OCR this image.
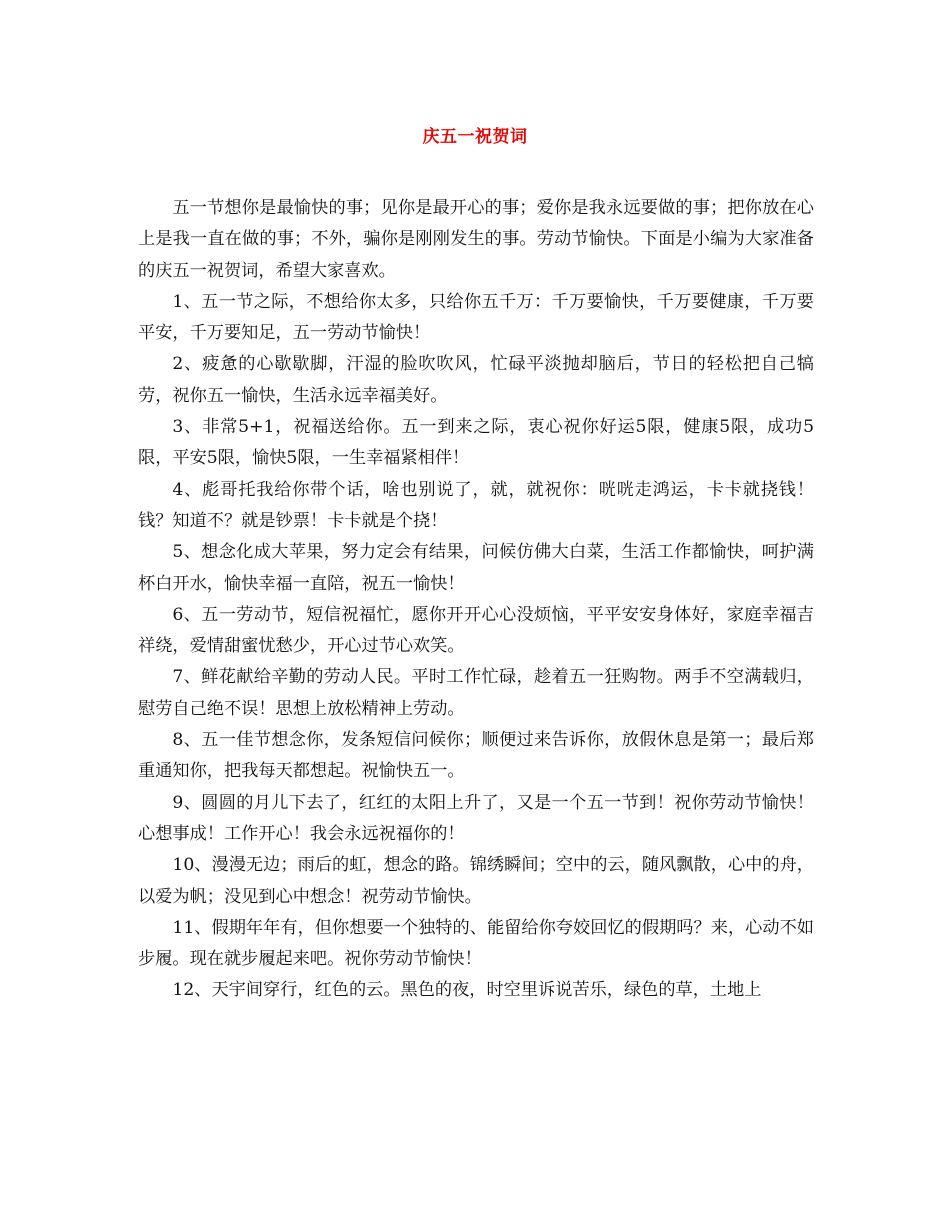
庆五一祝贺词

五一节想你是最愉快的事；见你是最开心的事；爱你是我永远要做的事；把你放在心上是我一直在做的事；不外，骗你是刚刚发生的事。劳动节愉快。下面是小编为大家准备的庆五一祝贺词，希望大家喜欢。

1、五一节之际，不想给你太多，只给你五千万：千万要愉快，千万要健康，千万要平安，千万要知足，五一劳动节愉快！

2、疲惫的心歇歇脚，汗湿的脸吹吹风，忙碌平淡抛却脑后，节日的轻松把自己犒劳，祝你五一愉快，生活永远幸福美好。

3、非常5+1，祝福送给你。五一到来之际，衷心祝你好运5限，健康5限，成功5限，平安5限，愉快5限，一生幸福紧相伴！

4、彪哥托我给你带个话，啥也别说了，就，就祝你：咣咣走鸿运，卡卡就挠钱！钱？知道不？就是钞票！卡卡就是个挠！

5、想念化成大苹果，努力定会有结果，问候仿佛大白菜，生活工作都愉快，呵护满杯白开水，愉快幸福一直陪，祝五一愉快！

6、五一劳动节，短信祝福忙，愿你开开心心没烦恼，平平安安身体好，家庭幸福吉祥绕，爱情甜蜜忧愁少，开心过节心欢笑。

7、鲜花献给辛勤的劳动人民。平时工作忙碌，趁着五一狂购物。两手不空满载归，慰劳自己绝不误！思想上放松精神上劳动。

8、五一佳节想念你，发条短信问候你；顺便过来告诉你，放假休息是第一；最后郑重通知你，把我每天都想起。祝愉快五一。

9、圆圆的月儿下去了，红红的太阳上升了，又是一个五一节到！祝你劳动节愉快！心想事成！工作开心！我会永远祝福你的！

10、漫漫无边；雨后的虹，想念的路。锦绣瞬间；空中的云，随风飘散，心中的舟，以爱为帆；没见到心中想念！祝劳动节愉快。

11、假期年年有，但你想要一个独特的、能留给你夸姣回忆的假期吗？来，心动不如步履。现在就步履起来吧。祝你劳动节愉快！

12、天宇间穿行，红色的云。黑色的夜，时空里诉说苦乐，绿色的草，土地上
